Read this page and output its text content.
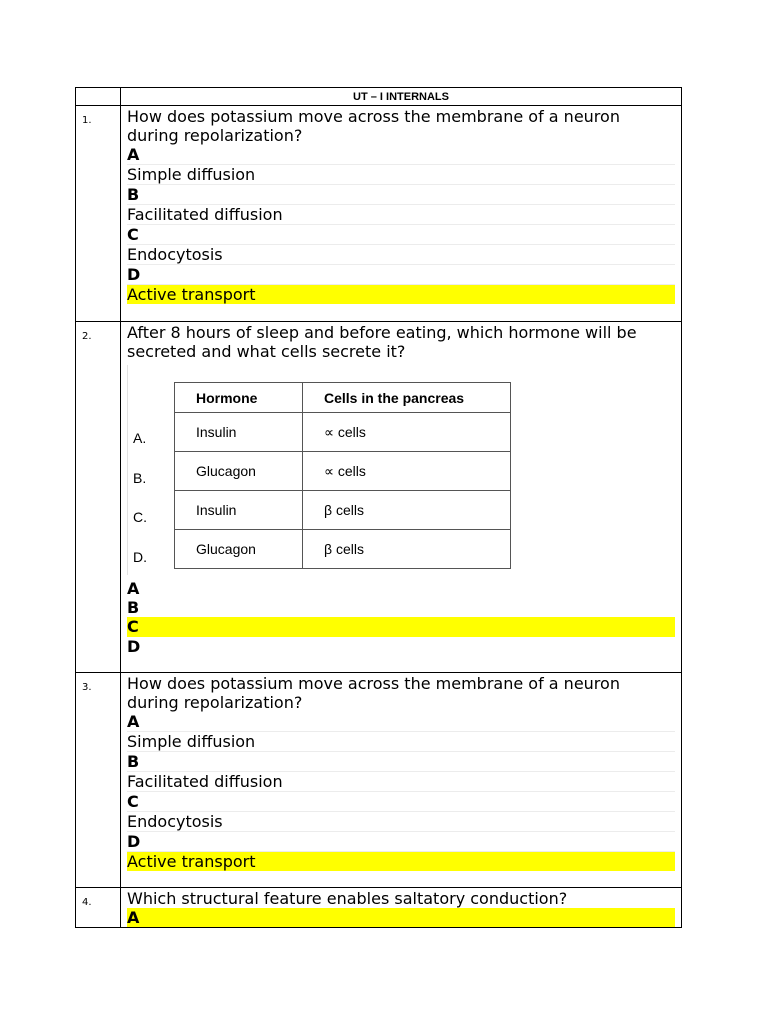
UT – I INTERNALS
1.	How does potassium move across the membrane of a neuron during repolarization?
A
Simple diffusion
B
Facilitated diffusion
C
Endocytosis
D
Active transport
2.	After 8 hours of sleep and before eating, which hormone will be secreted and what cells secrete it?
A.
B.
C.
D.
Hormone	Cells in the pancreas
Insulin	∝ cells
Glucagon	∝ cells
Insulin	β cells
Glucagon	β cells
A
B
C
D
3.	How does potassium move across the membrane of a neuron during repolarization?
A
Simple diffusion
B
Facilitated diffusion
C
Endocytosis
D
Active transport
4.	Which structural feature enables saltatory conduction?
A
